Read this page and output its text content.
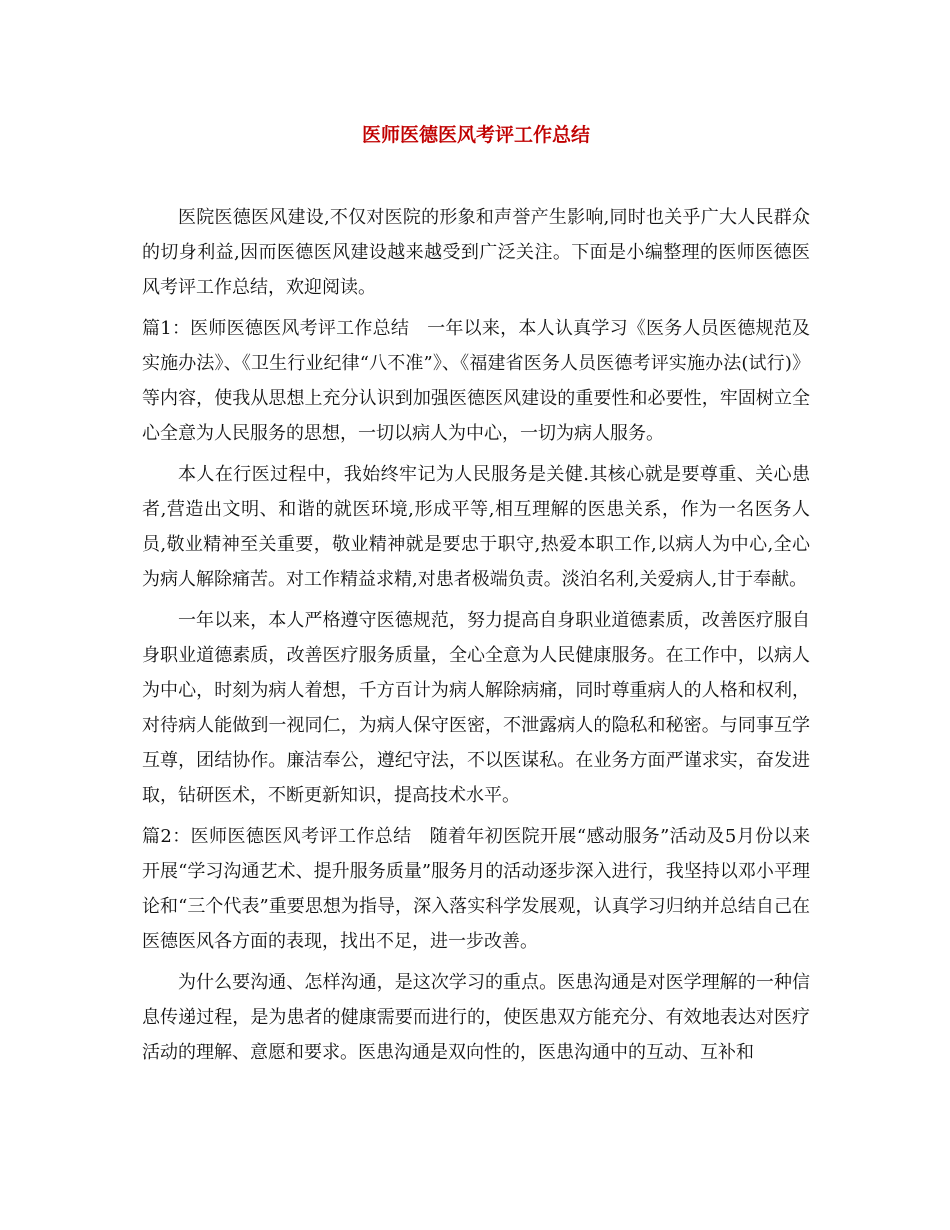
医师医德医风考评工作总结

医院医德医风建设,不仅对医院的形象和声誉产生影响,同时也关乎广大人民群众的切身利益,因而医德医风建设越来越受到广泛关注。下面是小编整理的医师医德医风考评工作总结，欢迎阅读。

篇1：医师医德医风考评工作总结 一年以来，本人认真学习《医务人员医德规范及实施办法》、《卫生行业纪律“八不准”》、《福建省医务人员医德考评实施办法(试行)》等内容，使我从思想上充分认识到加强医德医风建设的重要性和必要性，牢固树立全心全意为人民服务的思想，一切以病人为中心，一切为病人服务。

本人在行医过程中，我始终牢记为人民服务是关健.其核心就是要尊重、关心患者,营造出文明、和谐的就医环境,形成平等,相互理解的医患关系，作为一名医务人员,敬业精神至关重要，敬业精神就是要忠于职守,热爱本职工作,以病人为中心,全心为病人解除痛苦。对工作精益求精,对患者极端负责。淡泊名利,关爱病人,甘于奉献。

一年以来，本人严格遵守医德规范，努力提高自身职业道德素质，改善医疗服自身职业道德素质，改善医疗服务质量，全心全意为人民健康服务。在工作中，以病人为中心，时刻为病人着想，千方百计为病人解除病痛，同时尊重病人的人格和权利，对待病人能做到一视同仁，为病人保守医密，不泄露病人的隐私和秘密。与同事互学互尊，团结协作。廉洁奉公，遵纪守法，不以医谋私。在业务方面严谨求实，奋发进取，钻研医术，不断更新知识，提高技术水平。

篇2：医师医德医风考评工作总结 随着年初医院开展“感动服务”活动及5月份以来开展“学习沟通艺术、提升服务质量”服务月的活动逐步深入进行，我坚持以邓小平理论和“三个代表”重要思想为指导，深入落实科学发展观，认真学习归纳并总结自己在医德医风各方面的表现，找出不足，进一步改善。

为什么要沟通、怎样沟通，是这次学习的重点。医患沟通是对医学理解的一种信息传递过程，是为患者的健康需要而进行的，使医患双方能充分、有效地表达对医疗活动的理解、意愿和要求。医患沟通是双向性的，医患沟通中的互动、互补和
